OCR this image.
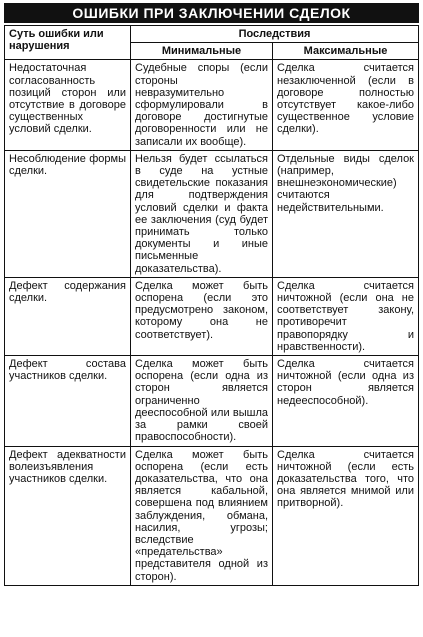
ОШИБКИ ПРИ ЗАКЛЮЧЕНИИ СДЕЛОК
Суть ошибки или нарушения	Последствия	
	Минимальные	Максимальные
Недостаточная согласованность позиций сторон или отсутствие в договоре существенных условий сделки.	Судебные споры (если стороны невразумительно сформулировали в договоре достигнутые договоренности или не записали их вообще).	Сделка считается незаключенной (если в договоре полностью отсутствует какое-либо существенное условие сделки).
Несоблюдение формы сделки.	Нельзя будет ссылаться в суде на устные свидетельские показания для подтверждения условий сделки и факта ее заключения (суд будет принимать только документы и иные письменные доказательства).	Отдельные виды сделок (например, внешнеэкономические) считаются недействительными.
Дефект содержания сделки.	Сделка может быть оспорена (если это предусмотрено законом, которому она не соответствует).	Сделка считается ничтожной (если она не соответствует закону, противоречит правопорядку и нравственности).
Дефект состава участников сделки.	Сделка может быть оспорена (если одна из сторон является ограниченно дееспособной или вышла за рамки своей правоспособности).	Сделка считается ничтожной (если одна из сторон является недееспособной).
Дефект адекватности волеизъявления участников сделки.	Сделка может быть оспорена (если есть доказательства, что она является кабальной, совершена под влиянием заблуждения, обмана, насилия, угрозы; вследствие «предательства» представителя одной из сторон).	Сделка считается ничтожной (если есть доказательства того, что она является мнимой или притворной).
